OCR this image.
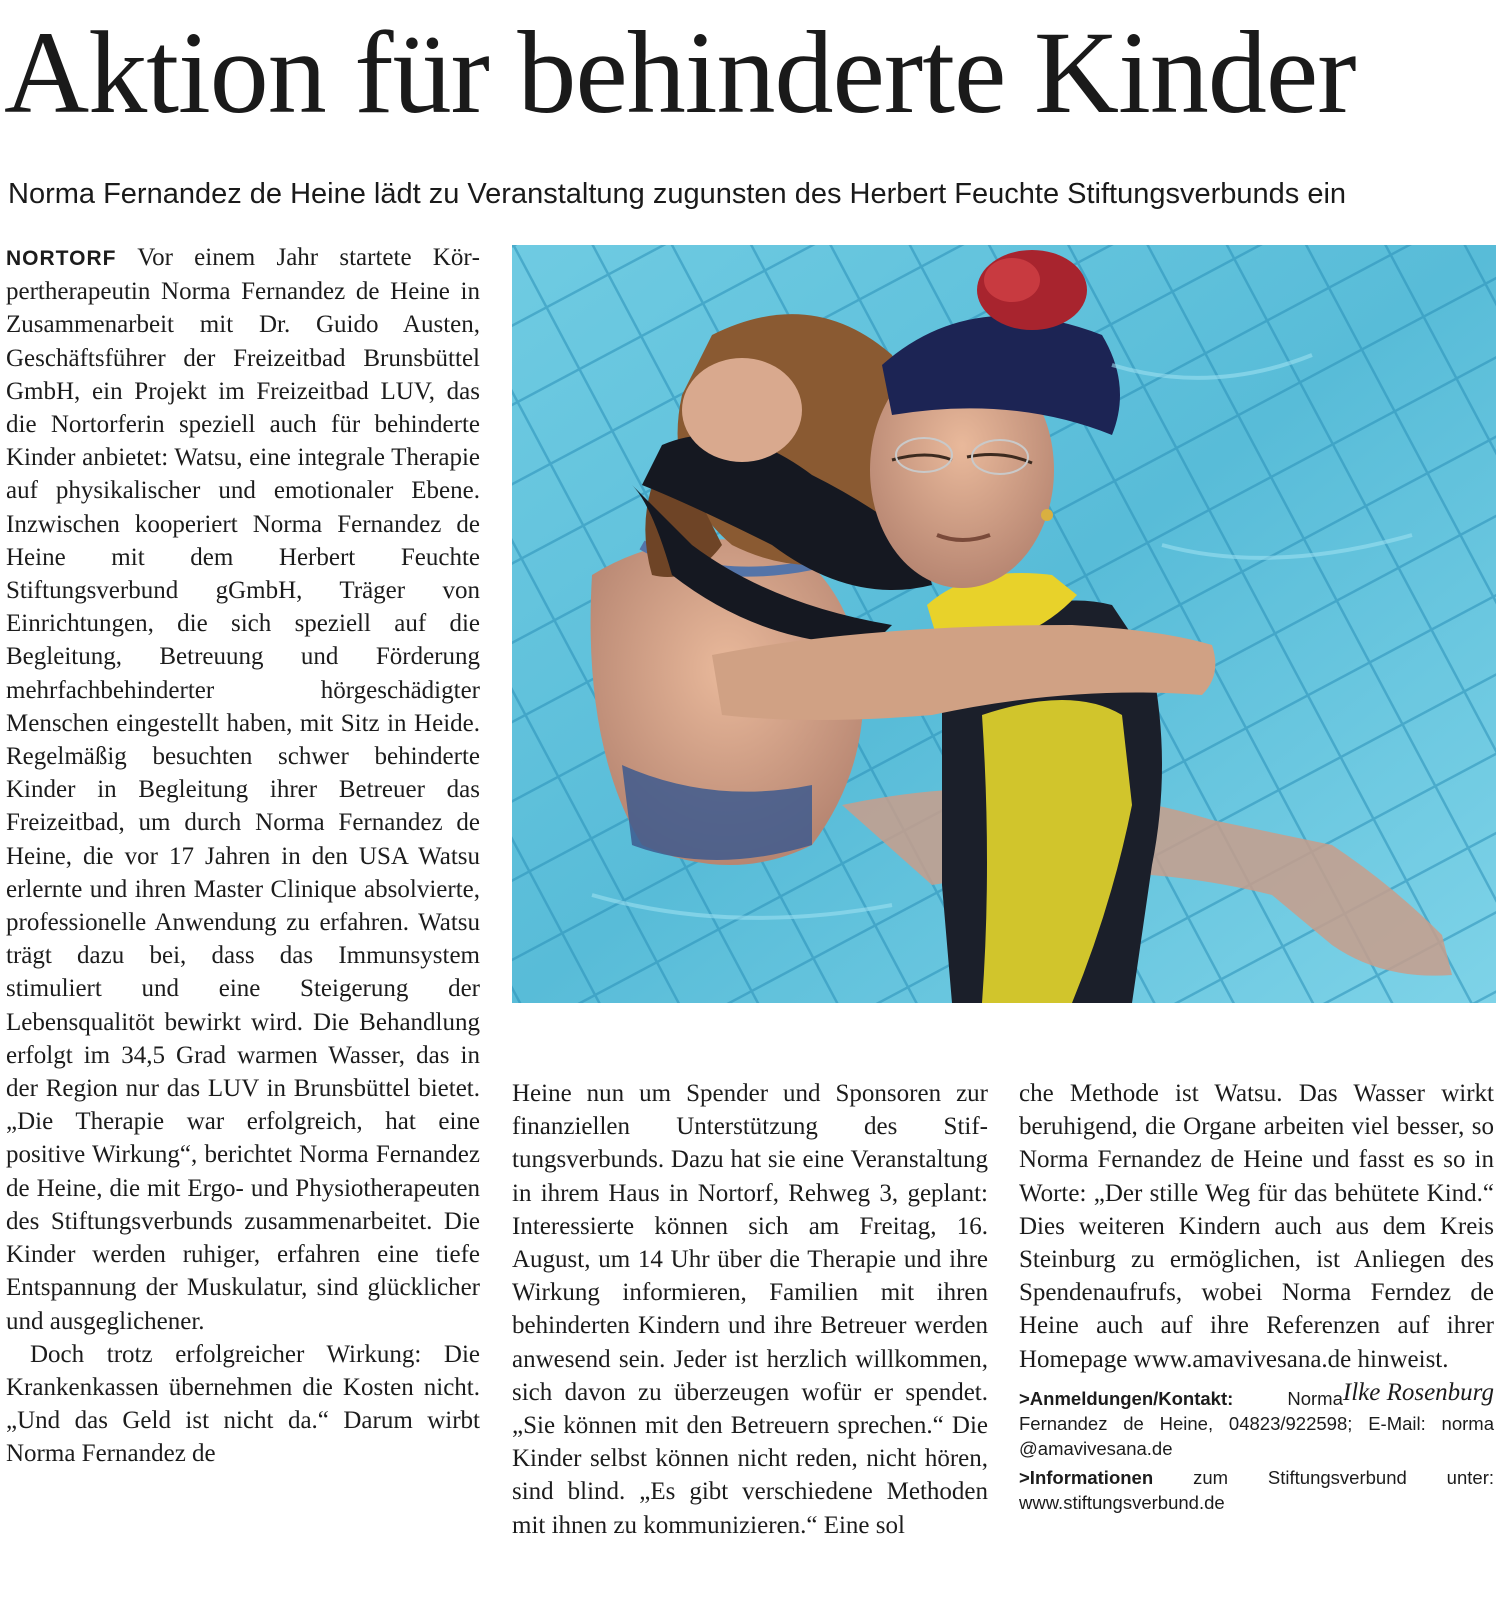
Aktion für behinderte Kinder
Norma Fernandez de Heine lädt zu Veranstaltung zugunsten des Herbert Feuchte Stiftungsverbunds ein

NORTORF Vor einem Jahr startete Körpertherapeutin Norma Fernandez de Heine in Zusammenarbeit mit Dr. Guido Austen, Geschäftsführer der Freizeitbad Brunsbüttel GmbH, ein Projekt im Freizeitbad LUV, das die Nortorferin speziell auch für behinderte Kinder anbietet: Watsu, eine integrale Therapie auf physikalischer und emotionaler Ebene. Inzwischen kooperiert Norma Fernandez de Heine mit dem Herbert Feuchte Stiftungsverbund gGmbH, Träger von Einrichtungen, die sich speziell auf die Begleitung, Betreuung und Förderung mehrfachbehinderter hörgeschädigter Menschen eingestellt haben, mit Sitz in Heide. Regelmäßig besuchten schwer behinderte Kinder in Begleitung ihrer Betreuer das Freizeitbad, um durch Norma Fernandez de Heine, die vor 17 Jahren in den USA Watsu erlernte und ihren Master Clinique absolvierte, professionelle Anwendung zu erfahren. Watsu trägt dazu bei, dass das Immunsystem stimuliert und eine Steigerung der Lebensqualitöt bewirkt wird. Die Behandlung erfolgt im 34,5 Grad warmen Wasser, das in der Region nur das LUV in Brunsbüttel bietet. „Die Therapie war erfolgreich, hat eine positive Wirkung“, berichtet Norma Fernandez de Heine, die mit Ergo- und Physiotherapeuten des Stiftungsverbunds zusammenarbeitet. Die Kinder werden ruhiger, erfahren eine tiefe Entspannung der Muskulatur, sind glücklicher und ausgeglichener.

Doch trotz erfolgreicher Wirkung: Die Krankenkassen übernehmen die Kosten nicht. „Und das Geld ist nicht da.“ Darum wirbt Norma Fernandez de

Heine nun um Spender und Sponsoren zur finanziellen Unterstützung des Stiftungsverbunds. Dazu hat sie eine Veranstaltung in ihrem Haus in Nortorf, Rehweg 3, geplant: Interessierte können sich am Freitag, 16. August, um 14 Uhr über die Therapie und ihre Wirkung informieren, Familien mit ihren behinderten Kindern und ihre Betreuer werden anwesend sein. Jeder ist herzlich willkommen, sich davon zu überzeugen wofür er spendet. „Sie können mit den Betreuern sprechen.“ Die Kinder selbst können nicht reden, nicht hören, sind blind. „Es gibt verschiedene Methoden mit ihnen zu kommunizieren.“ Eine sol

che Methode ist Watsu. Das Wasser wirkt beruhigend, die Organe arbeiten viel besser, so Norma Fernandez de Heine und fasst es so in Worte: „Der stille Weg für das behütete Kind.“ Dies weiteren Kindern auch aus dem Kreis Steinburg zu ermöglichen, ist Anliegen des Spendenaufrufs, wobei Norma Ferndez de Heine auch auf ihre Referenzen auf ihrer Homepage www.amavivesana.de hinweist.
Ilke Rosenburg

>Anmeldungen/Kontakt:	Norma Fernandez de Heine, 04823/922598; E-Mail: norma @amavivesana.de
>Informationen zum Stiftungsverbund unter: www.stiftungsverbund.de
